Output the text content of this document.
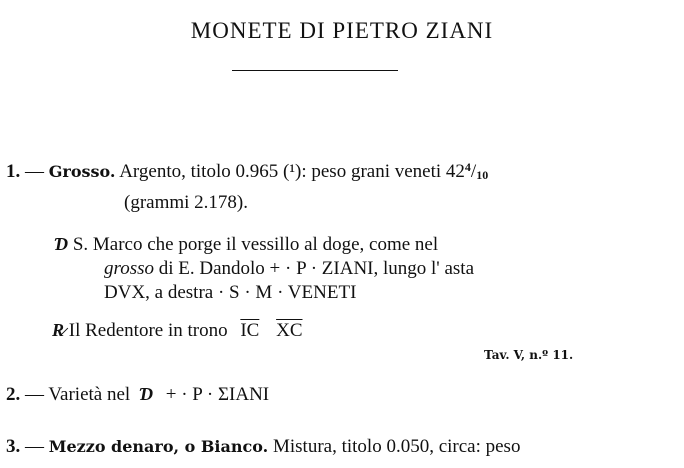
MONETE DI PIETRO ZIANI
1. — Grosso. Argento, titolo 0.965 (¹): peso grani veneti $42^4/10$
(grammi 2.178).
Ɗ S. Marco che porge il vessillo al doge, come nel
grosso di E. Dandolo + · P · ZIANI, lungo l' asta
DVX, a destra · S · M · VENETI
R̷ Il Redentore in trono $\overline{IC}$ $\overline{XC}$
Tav. V, n.º 11.
2. — Varietà nel Ɗ + · P · ΣIANI
3. — Mezzo denaro, o Bianco. Mistura, titolo 0.050, circa: peso
